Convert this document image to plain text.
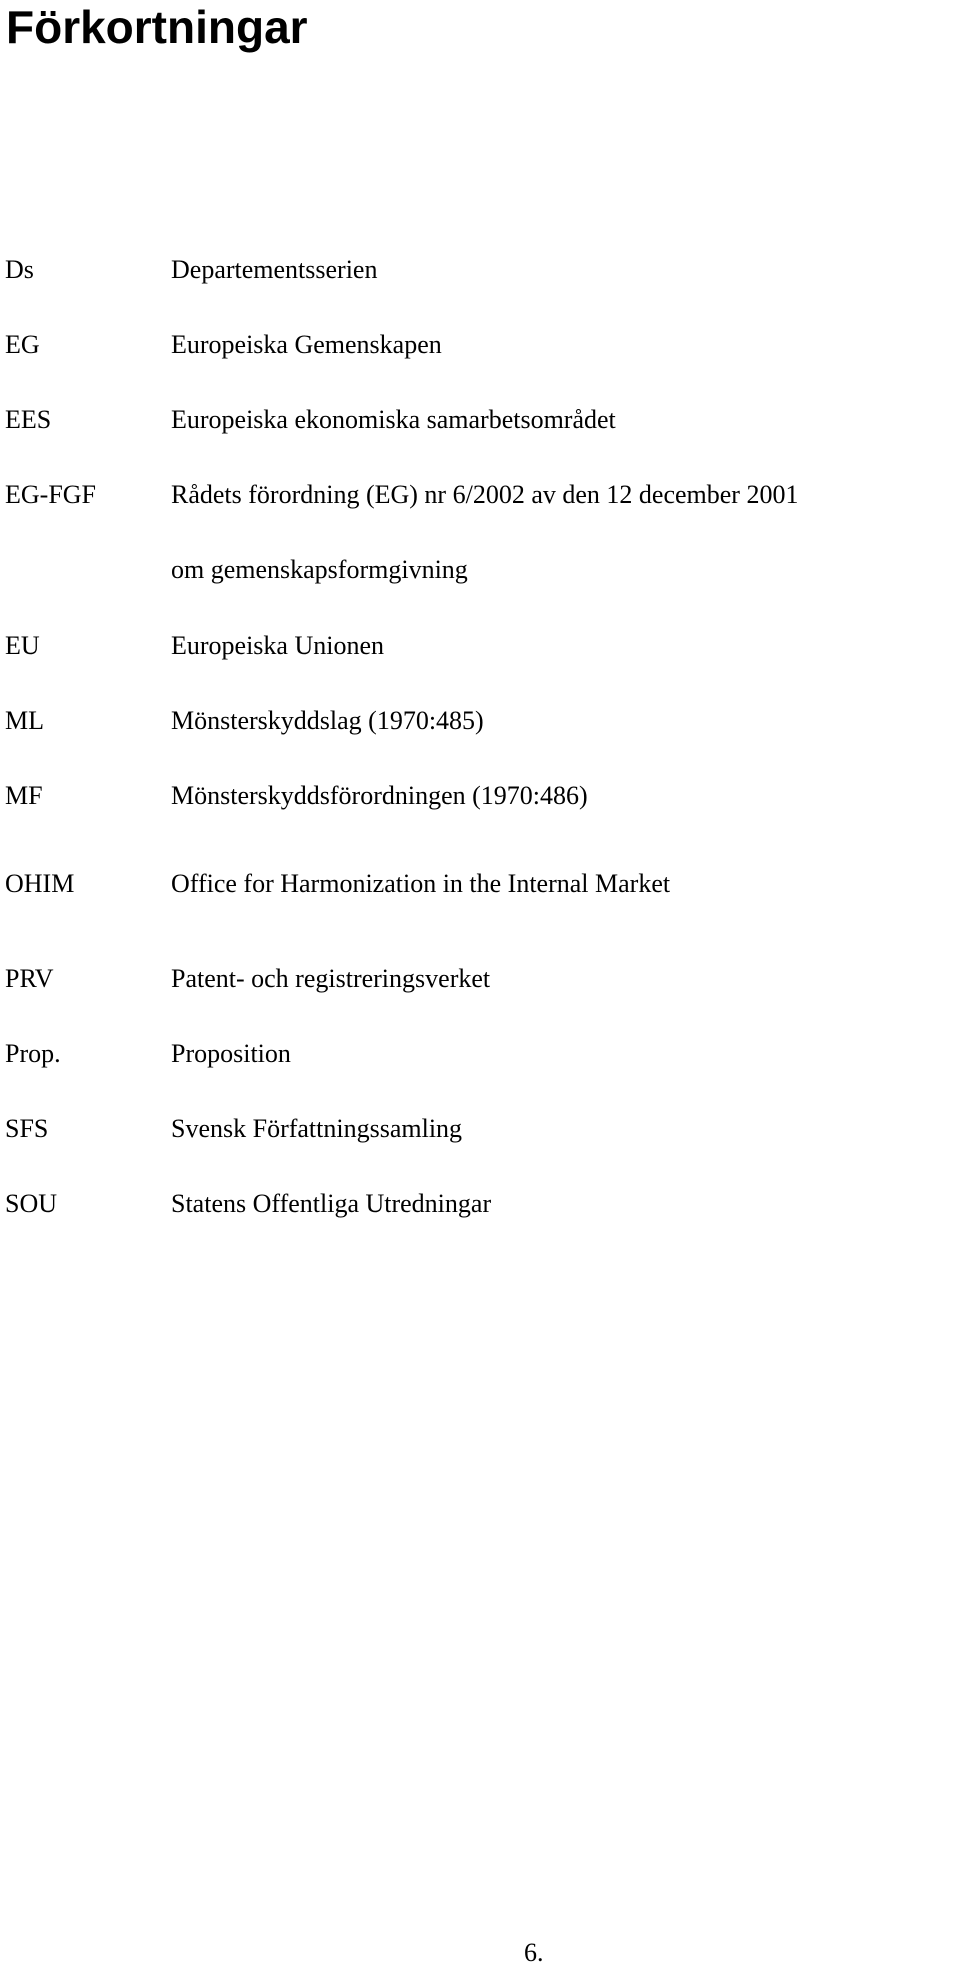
Förkortningar
Ds	Departementsserien
EG	Europeiska Gemenskapen
EES	Europeiska ekonomiska samarbetsområdet
EG-FGF	Rådets förordning (EG) nr 6/2002 av den 12 december 2001
om gemenskapsformgivning
EU	Europeiska Unionen
ML	Mönsterskyddslag (1970:485)
MF	Mönsterskyddsförordningen (1970:486)
OHIM	Office for Harmonization in the Internal Market
PRV	Patent- och registreringsverket
Prop.	Proposition
SFS	Svensk Författningssamling
SOU	Statens Offentliga Utredningar
6.
